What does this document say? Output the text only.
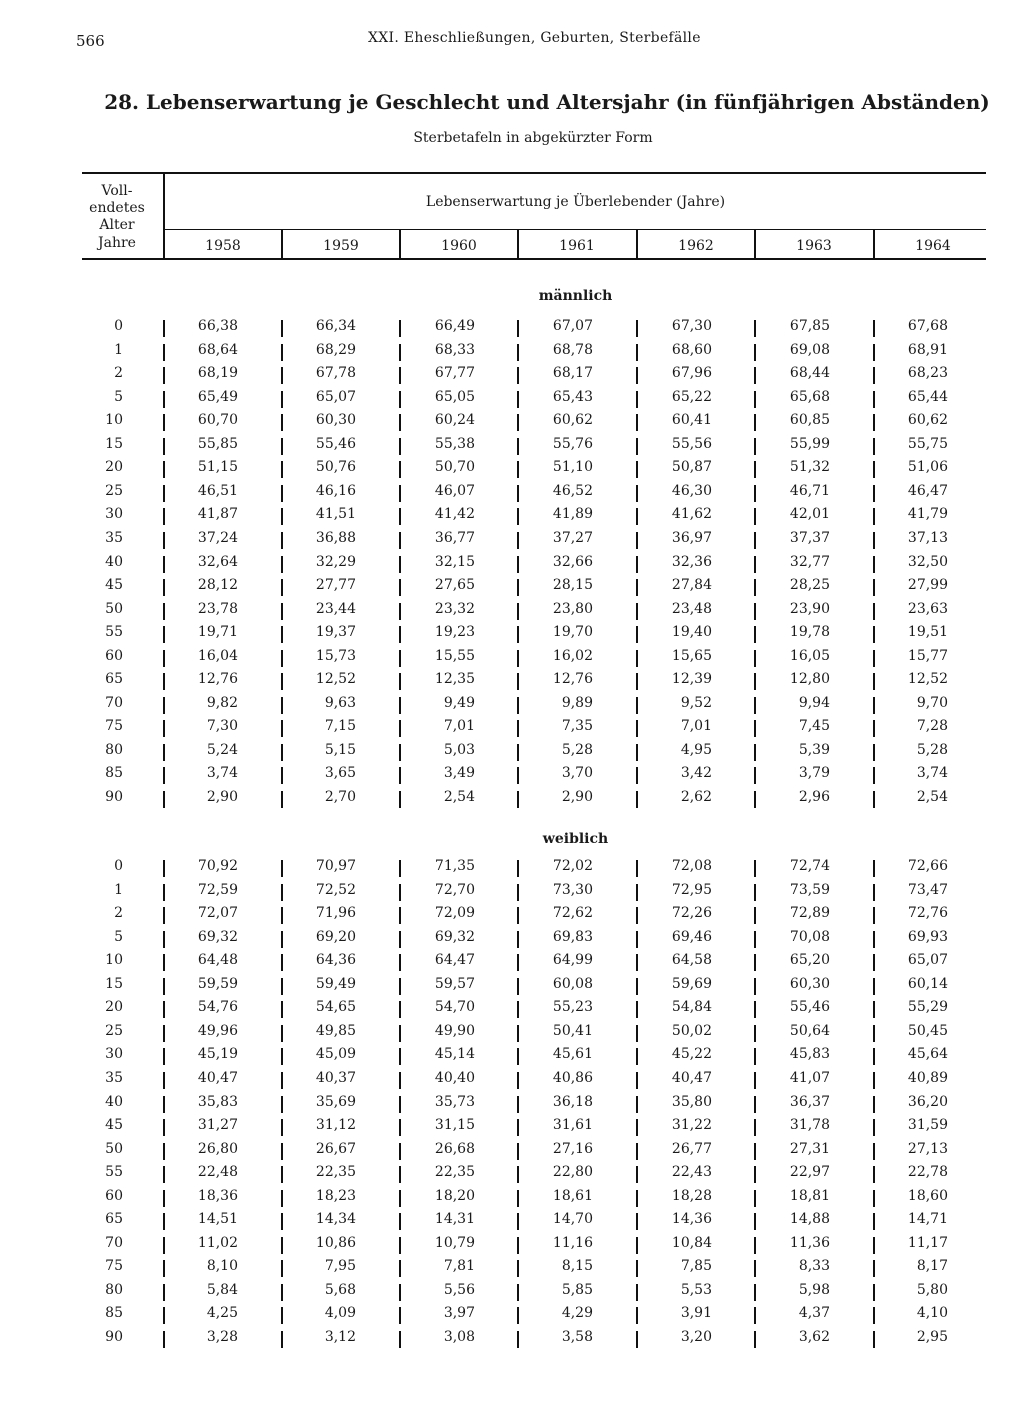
566	XXI. Eheschließungen, Geburten, Sterbefälle
28. Lebenserwartung je Geschlecht und Altersjahr (in fünfjährigen Abständen)
Sterbetafeln in abgekürzter Form
Voll-
endetes
Alter
Jahre
Lebenserwartung je Überlebender (Jahre)
1958	1959	1960	1961	1962	1963	1964
männlich
0	66,38	66,34	66,49	67,07	67,30	67,85	67,68
1	68,64	68,29	68,33	68,78	68,60	69,08	68,91
2	68,19	67,78	67,77	68,17	67,96	68,44	68,23
5	65,49	65,07	65,05	65,43	65,22	65,68	65,44
10	60,70	60,30	60,24	60,62	60,41	60,85	60,62
15	55,85	55,46	55,38	55,76	55,56	55,99	55,75
20	51,15	50,76	50,70	51,10	50,87	51,32	51,06
25	46,51	46,16	46,07	46,52	46,30	46,71	46,47
30	41,87	41,51	41,42	41,89	41,62	42,01	41,79
35	37,24	36,88	36,77	37,27	36,97	37,37	37,13
40	32,64	32,29	32,15	32,66	32,36	32,77	32,50
45	28,12	27,77	27,65	28,15	27,84	28,25	27,99
50	23,78	23,44	23,32	23,80	23,48	23,90	23,63
55	19,71	19,37	19,23	19,70	19,40	19,78	19,51
60	16,04	15,73	15,55	16,02	15,65	16,05	15,77
65	12,76	12,52	12,35	12,76	12,39	12,80	12,52
70	9,82	9,63	9,49	9,89	9,52	9,94	9,70
75	7,30	7,15	7,01	7,35	7,01	7,45	7,28
80	5,24	5,15	5,03	5,28	4,95	5,39	5,28
85	3,74	3,65	3,49	3,70	3,42	3,79	3,74
90	2,90	2,70	2,54	2,90	2,62	2,96	2,54
weiblich
0	70,92	70,97	71,35	72,02	72,08	72,74	72,66
1	72,59	72,52	72,70	73,30	72,95	73,59	73,47
2	72,07	71,96	72,09	72,62	72,26	72,89	72,76
5	69,32	69,20	69,32	69,83	69,46	70,08	69,93
10	64,48	64,36	64,47	64,99	64,58	65,20	65,07
15	59,59	59,49	59,57	60,08	59,69	60,30	60,14
20	54,76	54,65	54,70	55,23	54,84	55,46	55,29
25	49,96	49,85	49,90	50,41	50,02	50,64	50,45
30	45,19	45,09	45,14	45,61	45,22	45,83	45,64
35	40,47	40,37	40,40	40,86	40,47	41,07	40,89
40	35,83	35,69	35,73	36,18	35,80	36,37	36,20
45	31,27	31,12	31,15	31,61	31,22	31,78	31,59
50	26,80	26,67	26,68	27,16	26,77	27,31	27,13
55	22,48	22,35	22,35	22,80	22,43	22,97	22,78
60	18,36	18,23	18,20	18,61	18,28	18,81	18,60
65	14,51	14,34	14,31	14,70	14,36	14,88	14,71
70	11,02	10,86	10,79	11,16	10,84	11,36	11,17
75	8,10	7,95	7,81	8,15	7,85	8,33	8,17
80	5,84	5,68	5,56	5,85	5,53	5,98	5,80
85	4,25	4,09	3,97	4,29	3,91	4,37	4,10
90	3,28	3,12	3,08	3,58	3,20	3,62	2,95
